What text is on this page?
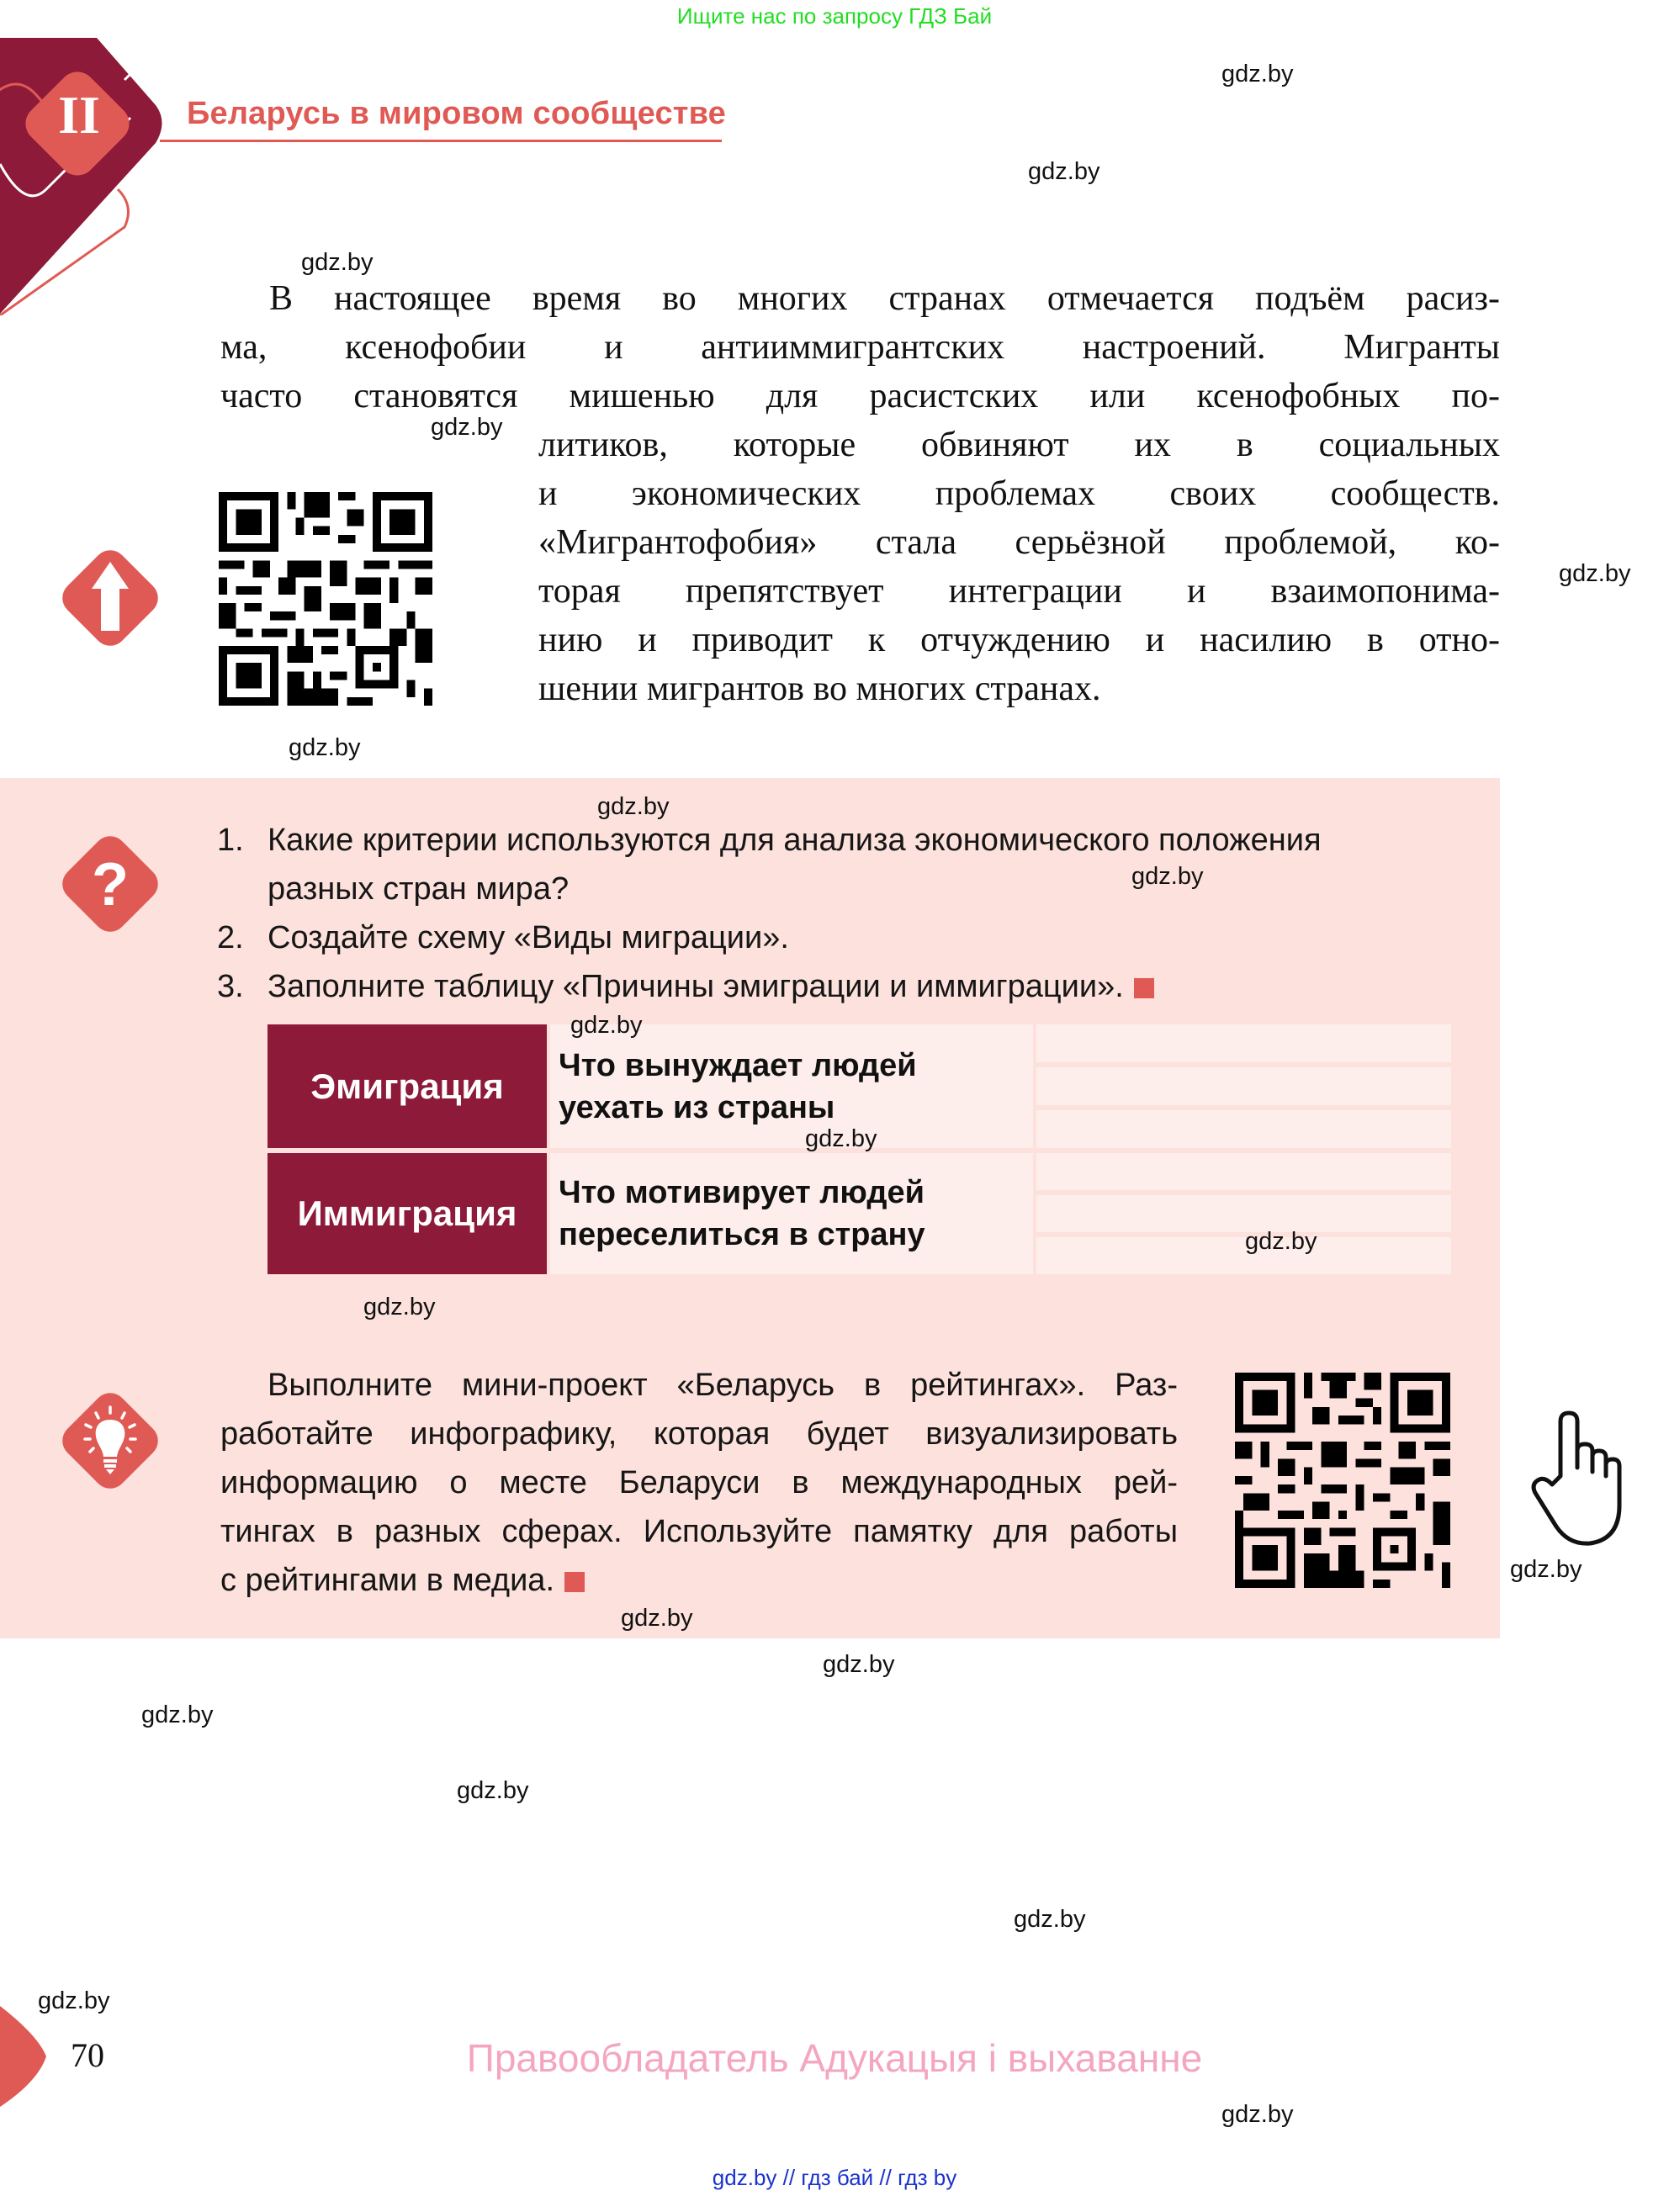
Ищите нас по запросу ГДЗ Бай
II	Беларусь в мировом сообществе
В настоящее время во многих странах отмечается подъём расиз-
ма, ксенофобии и антииммигрантских настроений. Мигранты
часто становятся мишенью для расистских или ксенофобных по-
литиков, которые обвиняют их в социальных
и экономических проблемах своих сообществ.
«Мигрантофобия» стала серьёзной проблемой, ко-
торая препятствует интеграции и взаимопонима-
нию и приводит к отчуждению и насилию в отно-
шении мигрантов во многих странах.
?
1. Какие критерии используются для анализа экономического положения
разных стран мира?
2. Создайте схему «Виды миграции».
3. Заполните таблицу «Причины эмиграции и иммиграции».
Эмиграция
Что вынуждает людей
уехать из страны
Иммиграция
Что мотивирует людей
переселиться в страну
Выполните мини-проект «Беларусь в рейтингах». Раз-
работайте инфографику, которая будет визуализировать
информацию о месте Беларуси в международных рей-
тингах в разных сферах. Используйте памятку для работы
с рейтингами в медиа.
70	Правообладатель Адукацыя і выхаванне
gdz.by // гдз бай // гдз by
gdz.by
gdz.by
gdz.by
gdz.by
gdz.by
gdz.by
gdz.by
gdz.by
gdz.by
gdz.by
gdz.by
gdz.by
gdz.by
gdz.by
gdz.by
gdz.by
gdz.by
gdz.by
gdz.by
gdz.by
